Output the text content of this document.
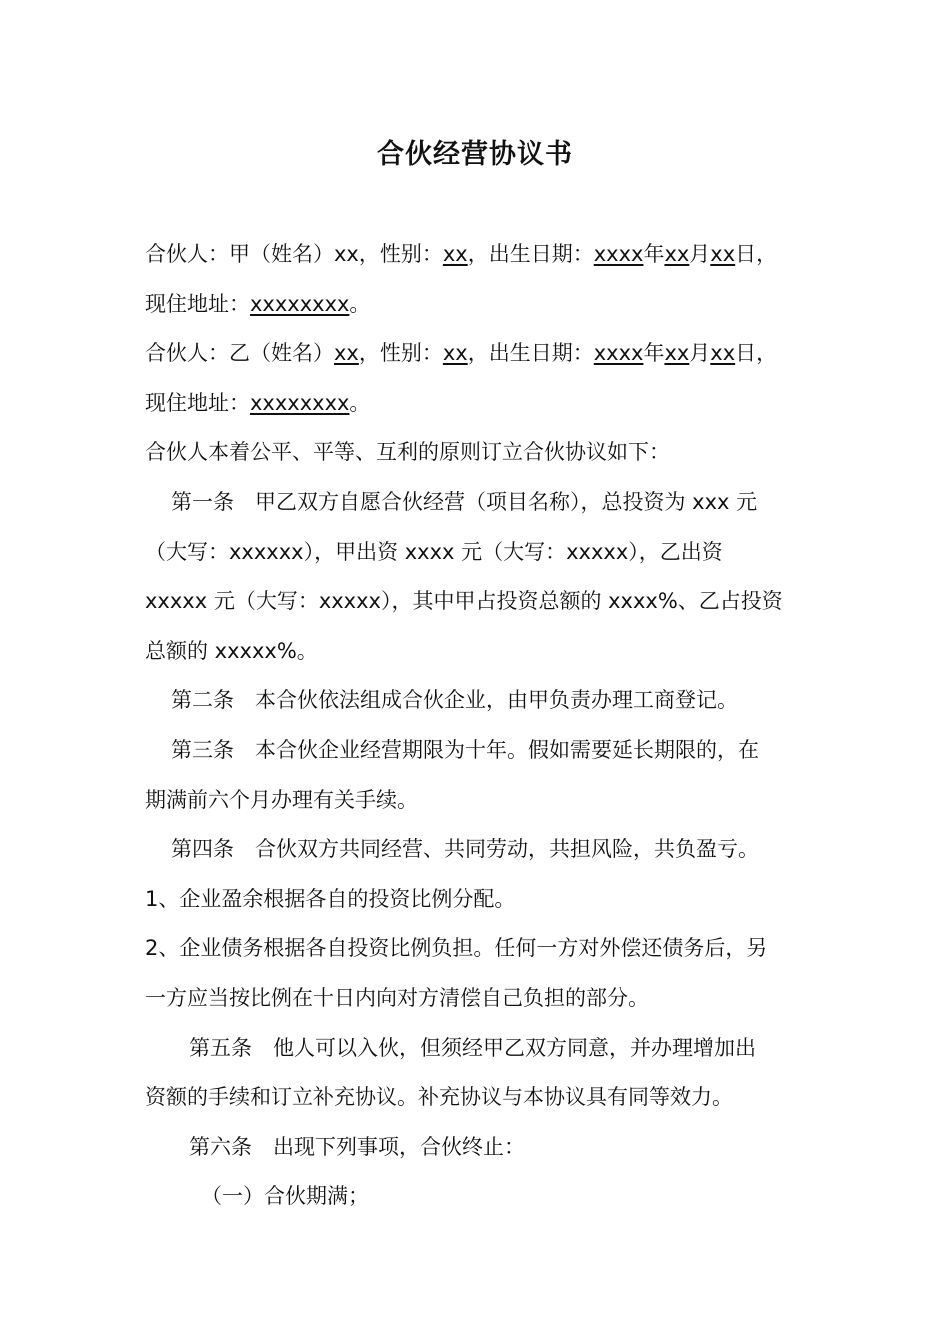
合伙经营协议书

合伙人：甲（姓名）xx，性别：xx，出生日期：xxxx年xx月xx日，

现住地址：xxxxxxxx。

合伙人：乙（姓名）xx，性别：xx，出生日期：xxxx年xx月xx日，

现住地址：xxxxxxxx。

合伙人本着公平、平等、互利的原则订立合伙协议如下：

第一条　甲乙双方自愿合伙经营（项目名称），总投资为 xxx 元

（大写：xxxxxx），甲出资 xxxx 元（大写：xxxxx），乙出资

xxxxx 元（大写：xxxxx），其中甲占投资总额的 xxxx%、乙占投资

总额的 xxxxx%。

第二条　本合伙依法组成合伙企业，由甲负责办理工商登记。

第三条　本合伙企业经营期限为十年。假如需要延长期限的，在

期满前六个月办理有关手续。

第四条　合伙双方共同经营、共同劳动，共担风险，共负盈亏。

1、企业盈余根据各自的投资比例分配。

2、企业债务根据各自投资比例负担。任何一方对外偿还债务后，另

一方应当按比例在十日内向对方清偿自己负担的部分。

第五条　他人可以入伙，但须经甲乙双方同意，并办理增加出

资额的手续和订立补充协议。补充协议与本协议具有同等效力。

第六条　出现下列事项，合伙终止：

（一）合伙期满；
